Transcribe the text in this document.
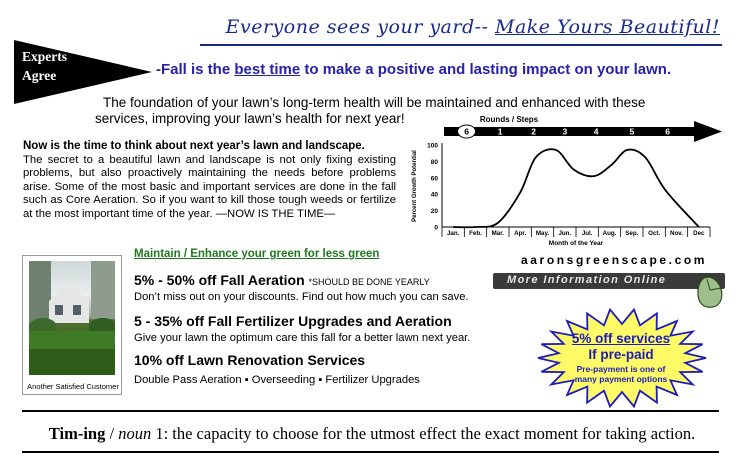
Everyone sees your yard-- Make Yours Beautiful!
Experts
Agree	-Fall is the best time to make a positive and lasting impact on your lawn.
The foundation of your lawn’s long-term health will be maintained and enhanced with these services, improving your lawn’s health for next year!
Now is the time to think about next year’s lawn and landscape.
The secret to a beautiful lawn and landscape is not only fixing existing problems, but also proactively maintaining the needs before problems arise. Some of the most basic and important services are done in the fall such as Core Aeration. So if you want to kill those tough weeds or fertilize at the most important time of the year. —NOW IS THE TIME—
Rounds / Steps
6	1	2	3	4	5	6
Percent Growth Potential
100
80
60
40
20
0
Jan. Feb. Mar. Apr. May. Jun. Jul. Aug. Sep. Oct. Nov. Dec
Month of the Year
Maintain / Enhance your green for less green
Another Satisfied Customer
5% - 50% off Fall Aeration *SHOULD BE DONE YEARLY
Don’t miss out on your discounts. Find out how much you can save.
5 - 35% off Fall Fertilizer Upgrades and Aeration
Give your lawn the optimum care this fall for a better lawn next year.
10% off Lawn Renovation Services
Double Pass Aeration ▪ Overseeding ▪ Fertilizer Upgrades
aaronsgreenscape.com
More Information Online
5% off services
If pre-paid
Pre-payment is one of many payment options
Tim-ing / noun 1: the capacity to choose for the utmost effect the exact moment for taking action.
